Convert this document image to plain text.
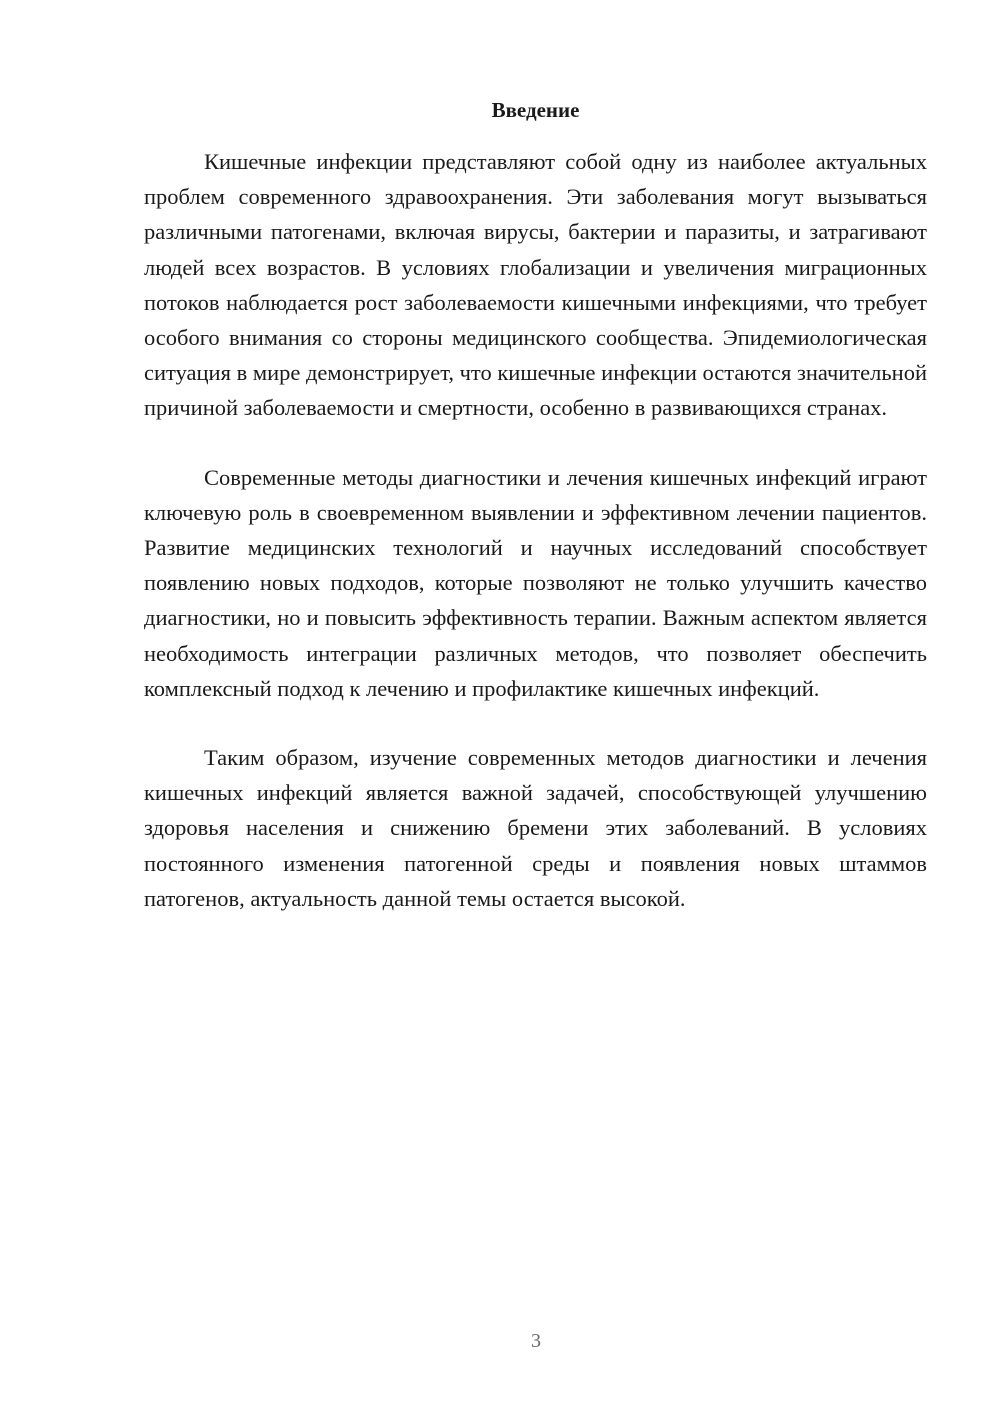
Введение

Кишечные инфекции представляют собой одну из наиболее актуальных проблем современного здравоохранения. Эти заболевания могут вызываться различными патогенами, включая вирусы, бактерии и паразиты, и затрагивают людей всех возрастов. В условиях глобализации и увеличения миграционных потоков наблюдается рост заболеваемости кишечными инфекциями, что требует особого внимания со стороны медицинского сообщества. Эпидемиологическая ситуация в мире демонстрирует, что кишечные инфекции остаются значительной причиной заболеваемости и смертности, особенно в развивающихся странах.

Современные методы диагностики и лечения кишечных инфекций играют ключевую роль в своевременном выявлении и эффективном лечении пациентов. Развитие медицинских технологий и научных исследований способствует появлению новых подходов, которые позволяют не только улучшить качество диагностики, но и повысить эффективность терапии. Важным аспектом является необходимость интеграции различных методов, что позволяет обеспечить комплексный подход к лечению и профилактике кишечных инфекций.

Таким образом, изучение современных методов диагностики и лечения кишечных инфекций является важной задачей, способствующей улучшению здоровья населения и снижению бремени этих заболеваний. В условиях постоянного изменения патогенной среды и появления новых штаммов патогенов, актуальность данной темы остается высокой.

3
